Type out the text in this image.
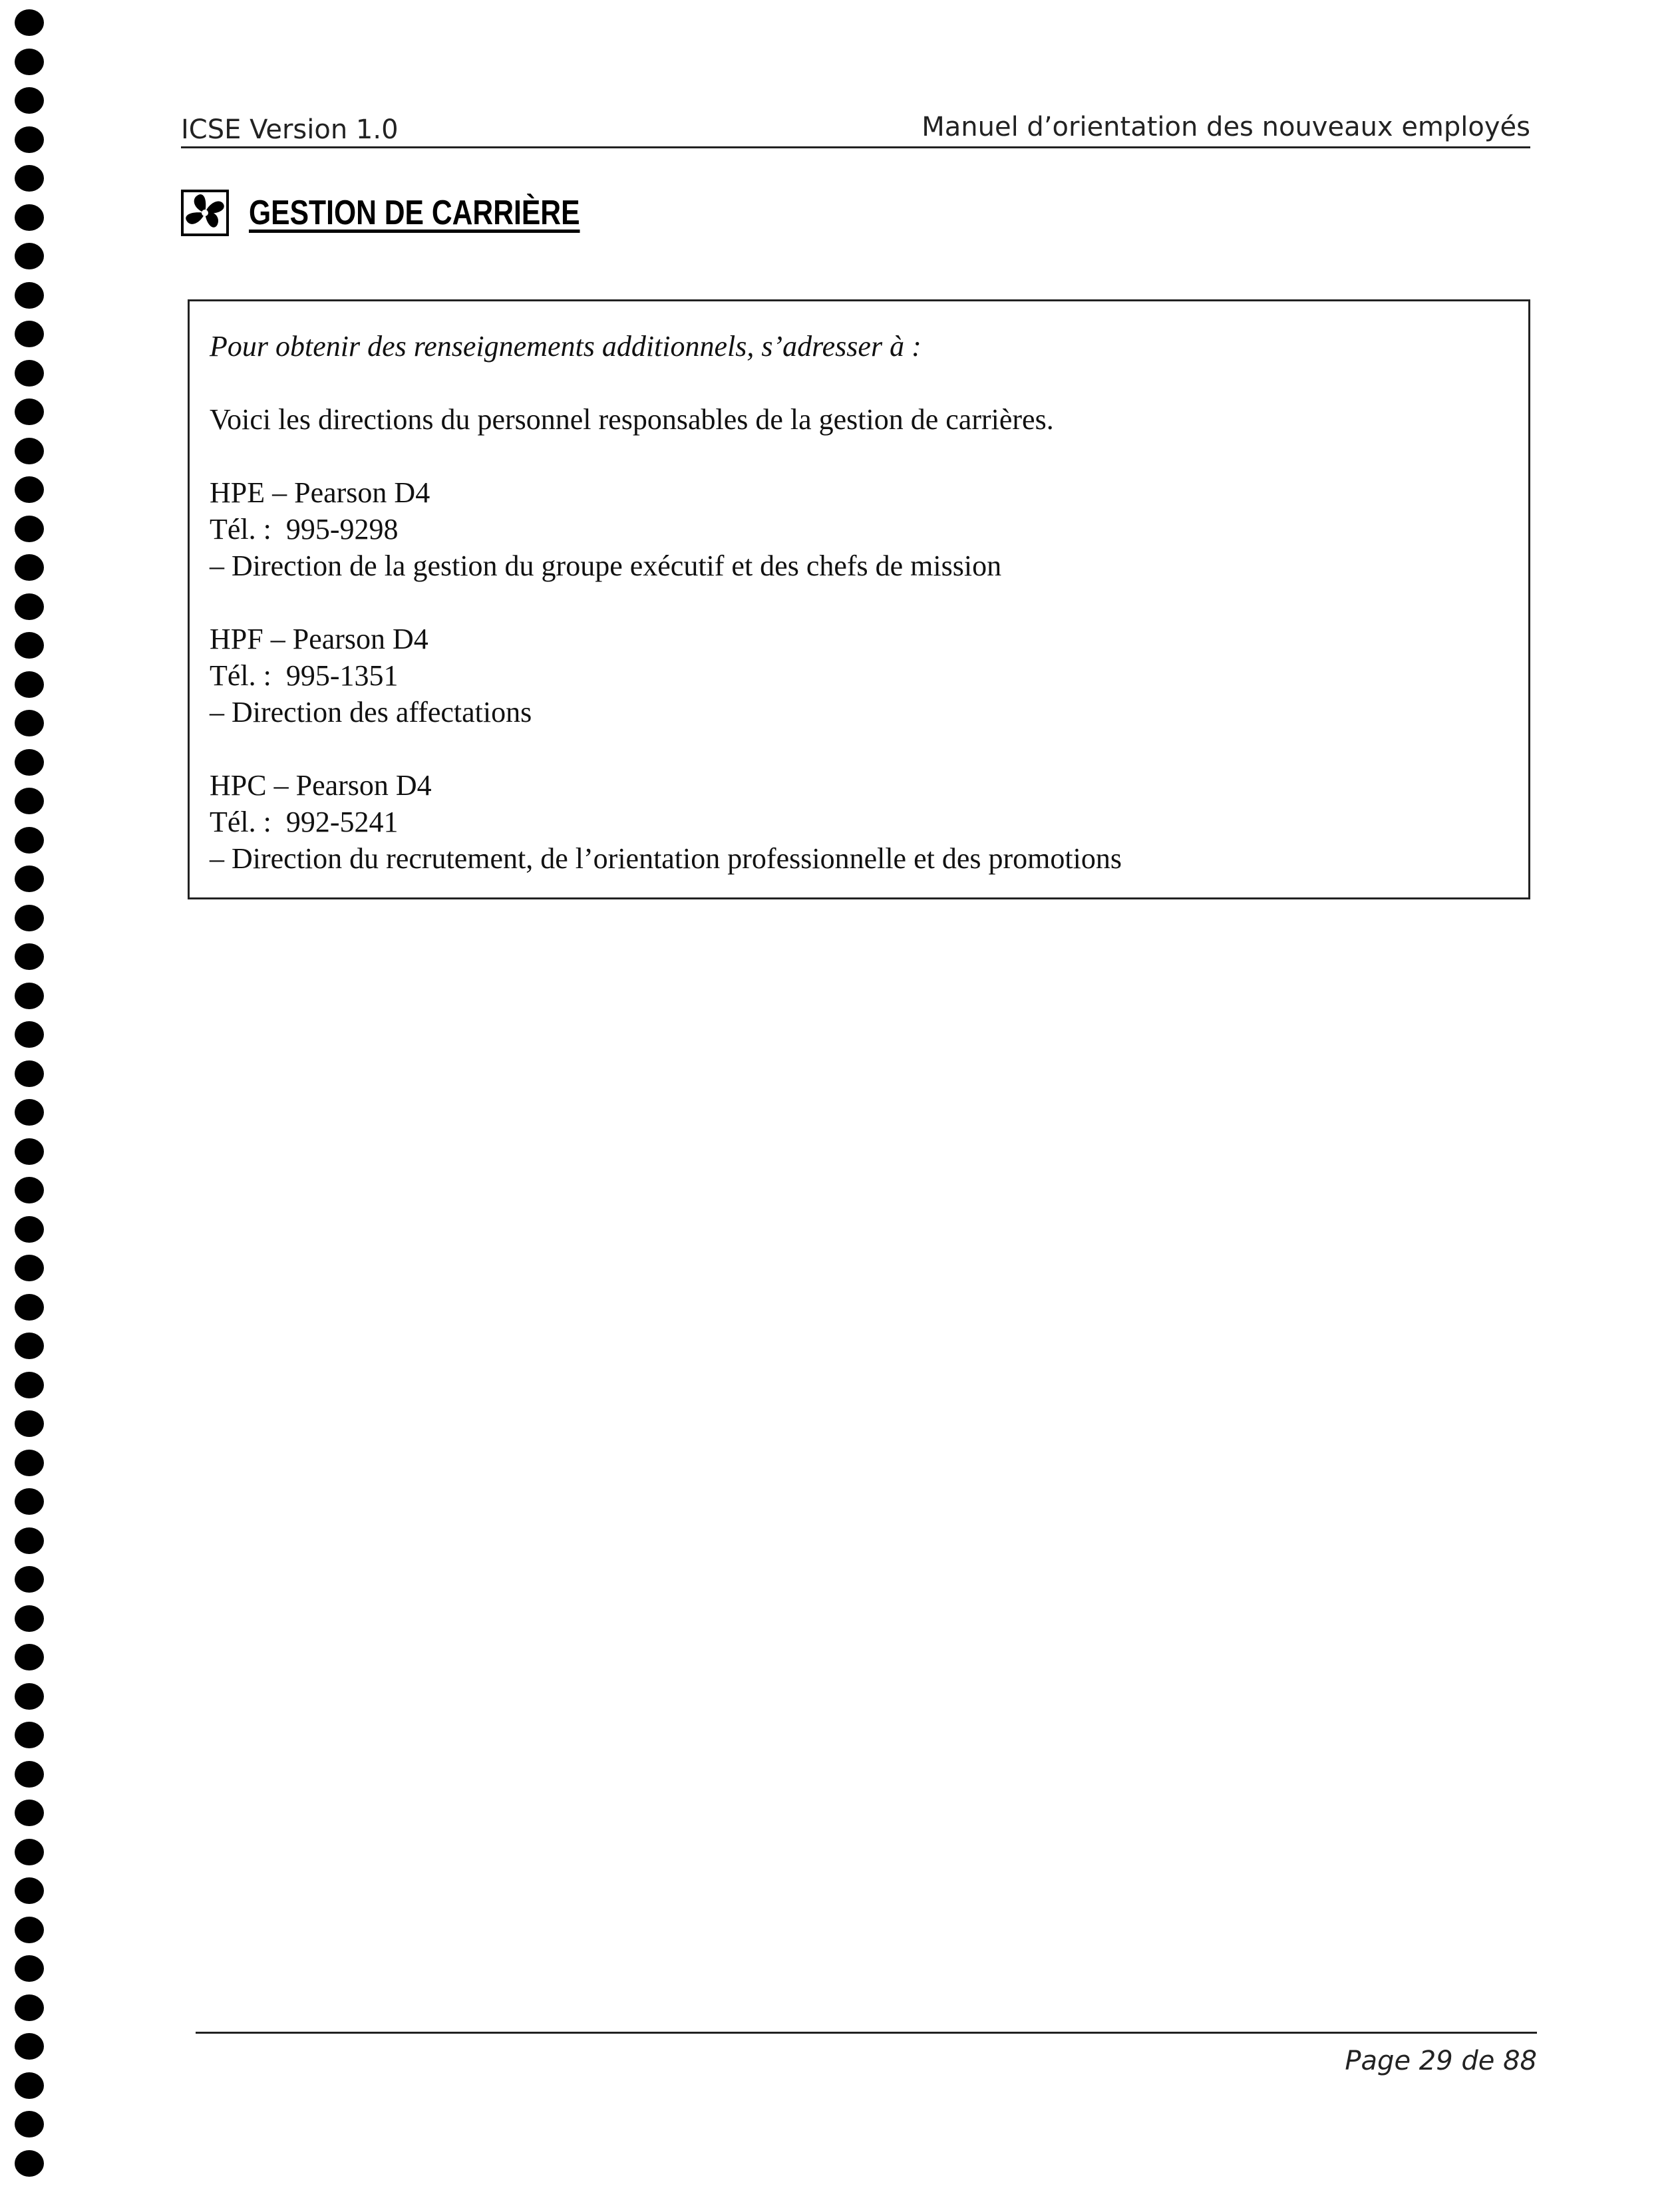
ICSE Version 1.0	Manuel d’orientation des nouveaux employés
GESTION DE CARRIÈRE

Pour obtenir des renseignements additionnels, s’adresser à :

Voici les directions du personnel responsables de la gestion de carrières.

HPE – Pearson D4
Tél. : 995-9298
– Direction de la gestion du groupe exécutif et des chefs de mission
HPF – Pearson D4
Tél. : 995-1351
– Direction des affectations
HPC – Pearson D4
Tél. : 992-5241
– Direction du recrutement, de l’orientation professionnelle et des promotions
Page 29 de 88
